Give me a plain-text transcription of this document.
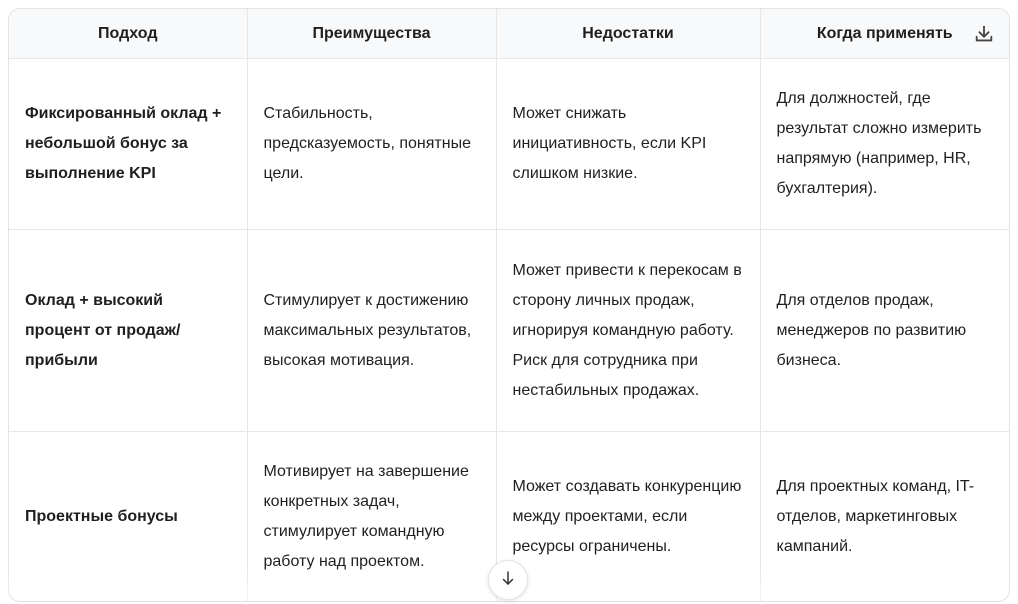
Подход	Преимущества	Недостатки	Когда применять

Фиксированный оклад + небольшой бонус за выполнение KPI	Стабильность, предсказуемость, понятные цели.	Может снижать инициативность, если KPI слишком низкие.	Для должностей, где результат сложно измерить напрямую (например, HR, бухгалтерия).
Оклад + высокий процент от продаж/ прибыли	Стимулирует к достижению максимальных результатов, высокая мотивация.	Может привести к перекосам в сторону личных продаж, игнорируя командную работу. Риск для сотрудника при нестабильных продажах.	Для отделов продаж, менеджеров по развитию бизнеса.
Проектные бонусы	Мотивирует на завершение конкретных задач, стимулирует командную работу над проектом.	Может создавать конкуренцию между проектами, если ресурсы ограничены.	Для проектных команд, IT-отделов, маркетинговых кампаний.
